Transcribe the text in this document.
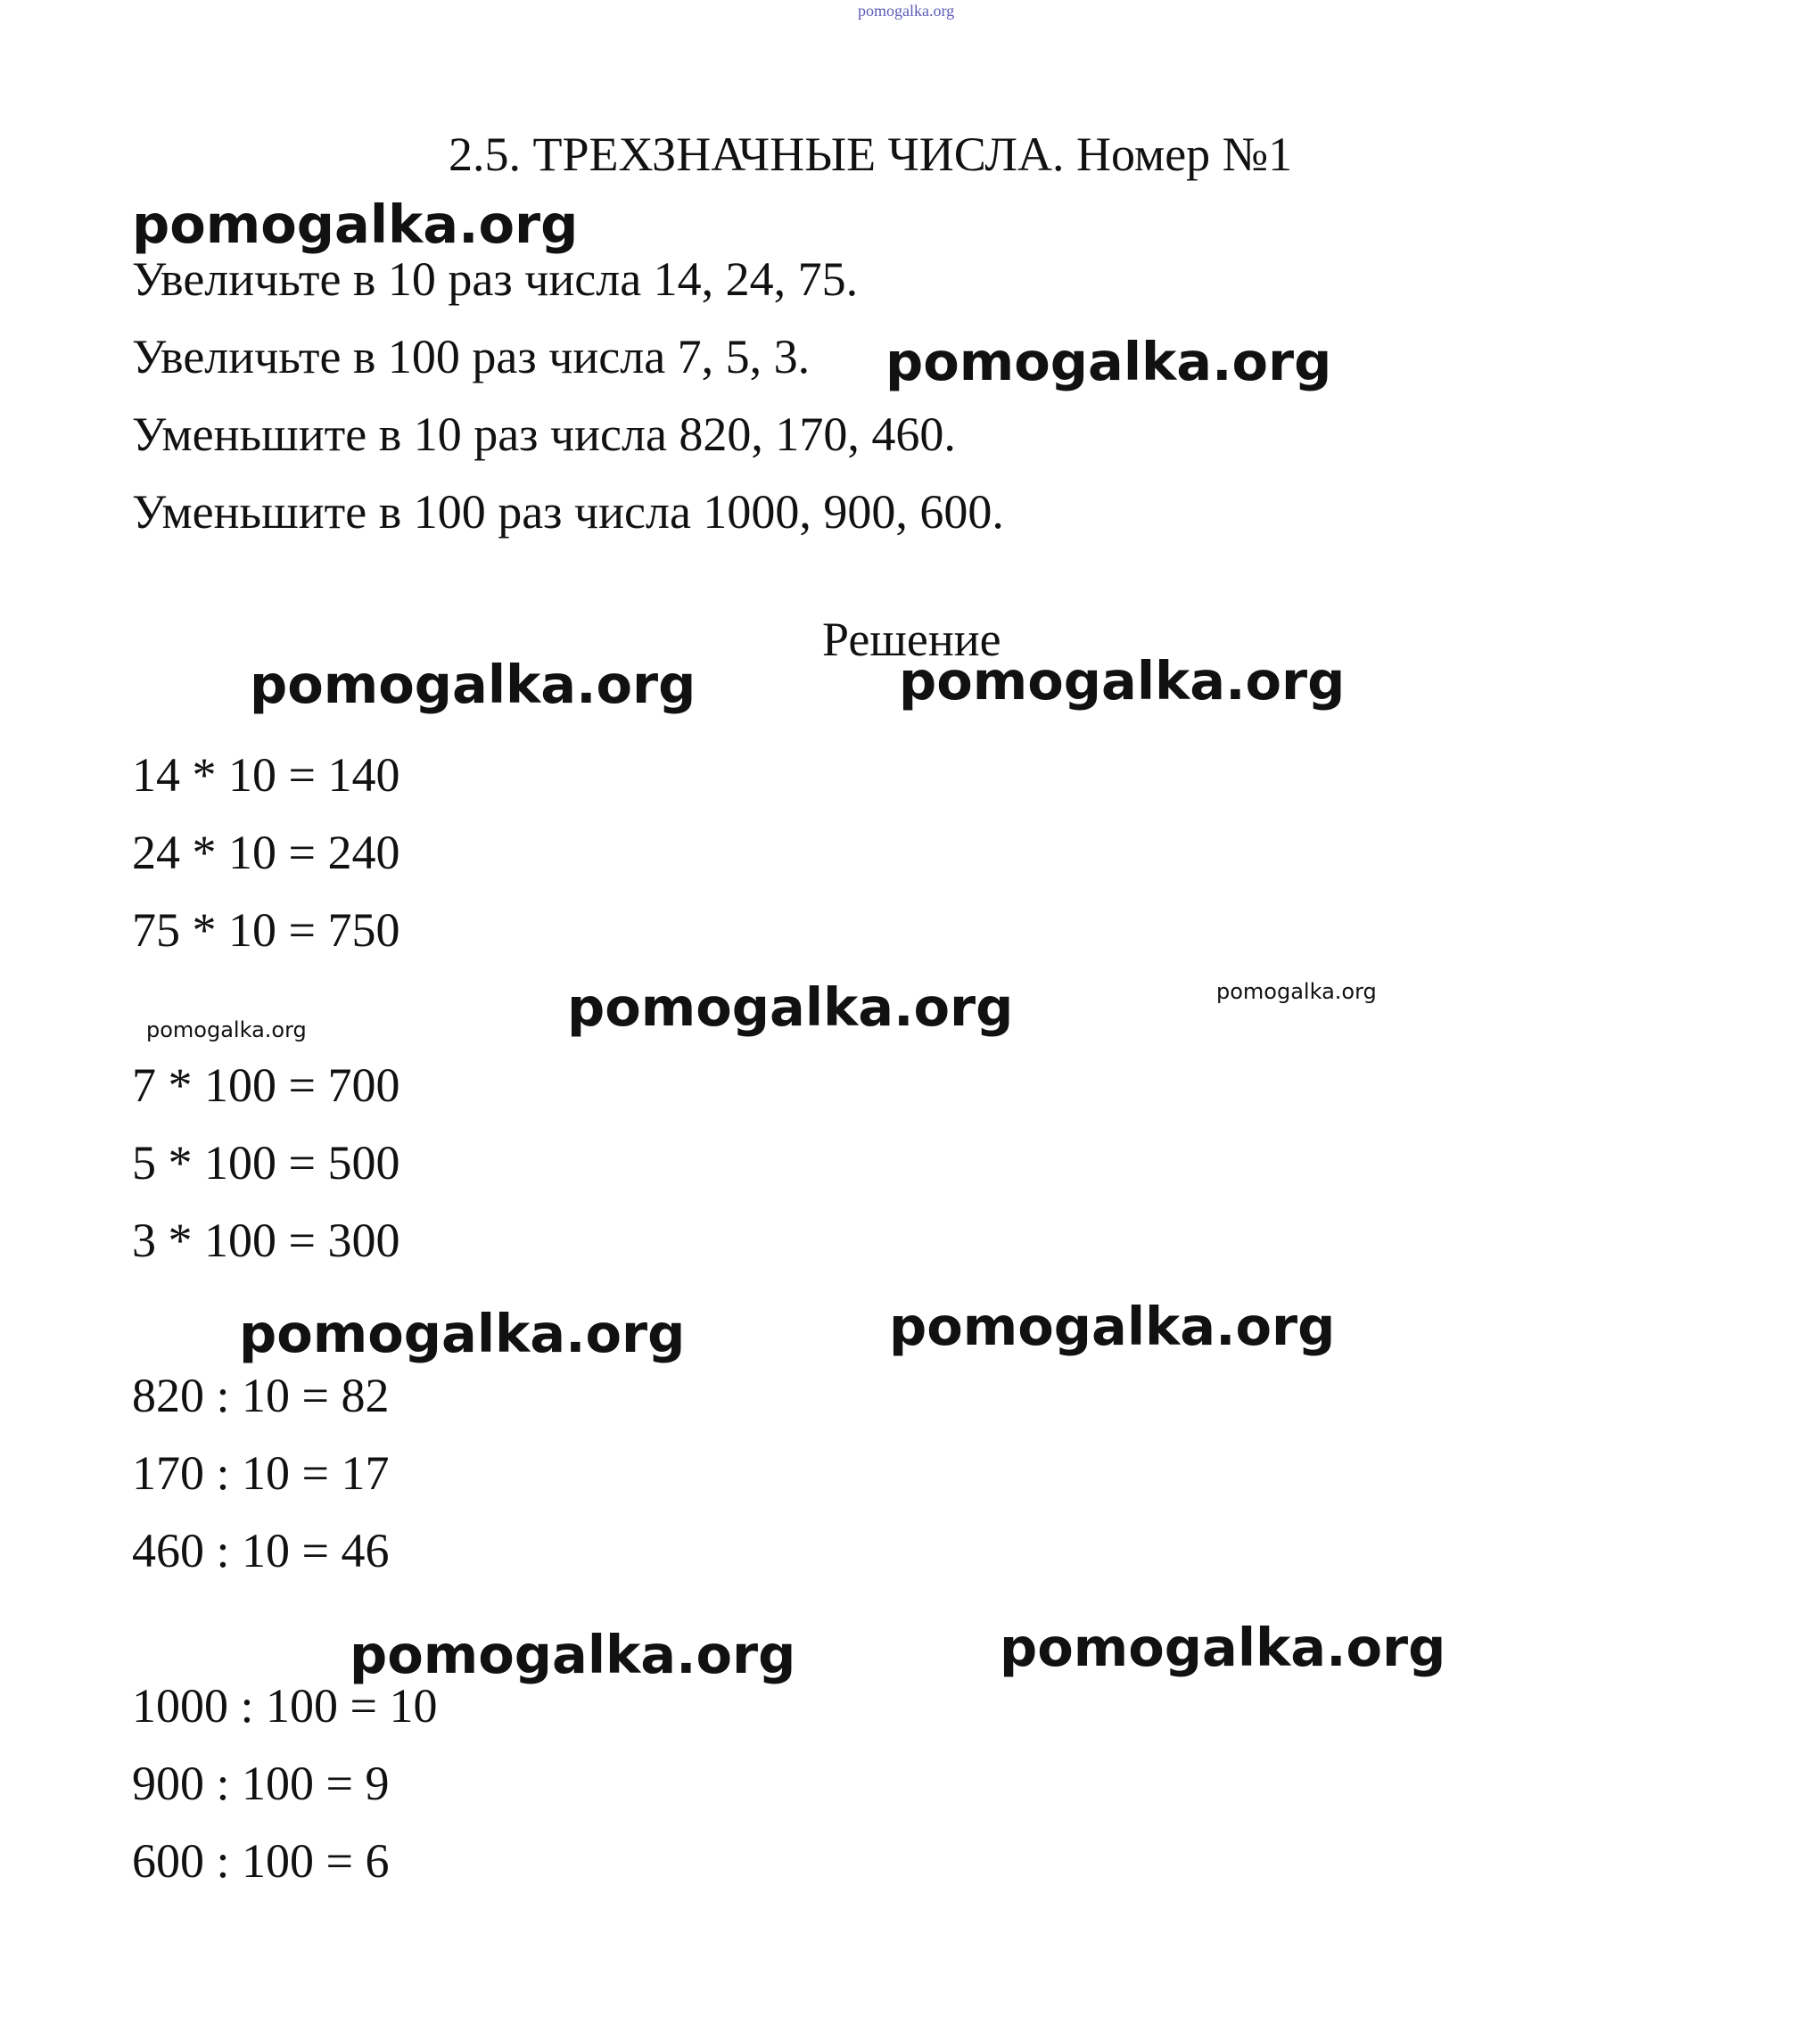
pomogalka.org
pomogalka.org
pomogalka.org
pomogalka.org	pomogalka.org
pomogalka.org	pomogalka.org
pomogalka.org
pomogalka.org	pomogalka.org
pomogalka.org	pomogalka.org
2.5. ТРЕХЗНАЧНЫЕ ЧИСЛА. Номер №1
Увеличьте в 10 раз числа 14, 24, 75.
Увеличьте в 100 раз числа 7, 5, 3.
Уменьшите в 10 раз числа 820, 170, 460.
Уменьшите в 100 раз числа 1000, 900, 600.
Решение
14 * 10 = 140
24 * 10 = 240
75 * 10 = 750
7 * 100 = 700
5 * 100 = 500
3 * 100 = 300
820 : 10 = 82
170 : 10 = 17
460 : 10 = 46
1000 : 100 = 10
900 : 100 = 9
600 : 100 = 6
